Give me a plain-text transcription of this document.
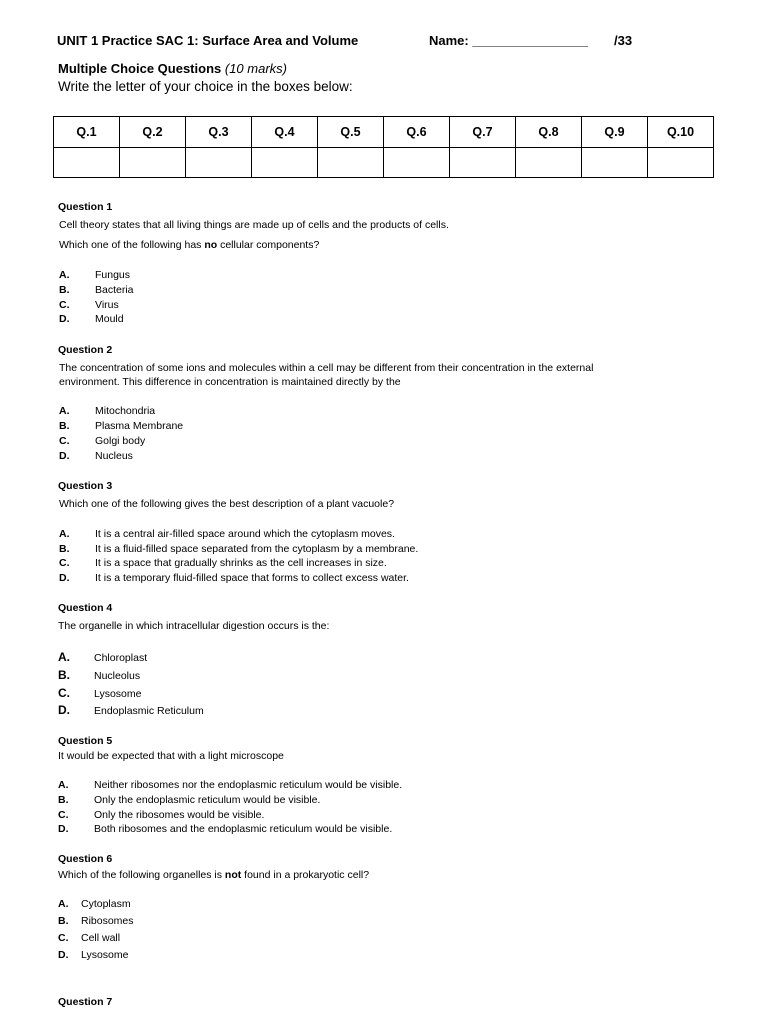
UNIT 1 Practice SAC 1: Surface Area and Volume	Name: ________________ /33
Multiple Choice Questions (10 marks)
Write the letter of your choice in the boxes below:
Q.1	Q.2	Q.3	Q.4	Q.5	Q.6	Q.7	Q.8	Q.9	Q.10

Question 1
Cell theory states that all living things are made up of cells and the products of cells.
Which one of the following has no cellular components?
A. Fungus
B. Bacteria
C. Virus
D. Mould
Question 2
The concentration of some ions and molecules within a cell may be different from their concentration in the external
environment. This difference in concentration is maintained directly by the
A. Mitochondria
B. Plasma Membrane
C. Golgi body
D. Nucleus
Question 3
Which one of the following gives the best description of a plant vacuole?
A. It is a central air-filled space around which the cytoplasm moves.
B. It is a fluid-filled space separated from the cytoplasm by a membrane.
C. It is a space that gradually shrinks as the cell increases in size.
D. It is a temporary fluid-filled space that forms to collect excess water.
Question 4
The organelle in which intracellular digestion occurs is the:
A. Chloroplast
B. Nucleolus
C. Lysosome
D. Endoplasmic Reticulum
Question 5
It would be expected that with a light microscope
A. Neither ribosomes nor the endoplasmic reticulum would be visible.
B. Only the endoplasmic reticulum would be visible.
C. Only the ribosomes would be visible.
D. Both ribosomes and the endoplasmic reticulum would be visible.
Question 6
Which of the following organelles is not found in a prokaryotic cell?
A. Cytoplasm
B. Ribosomes
C. Cell wall
D. Lysosome
Question 7
